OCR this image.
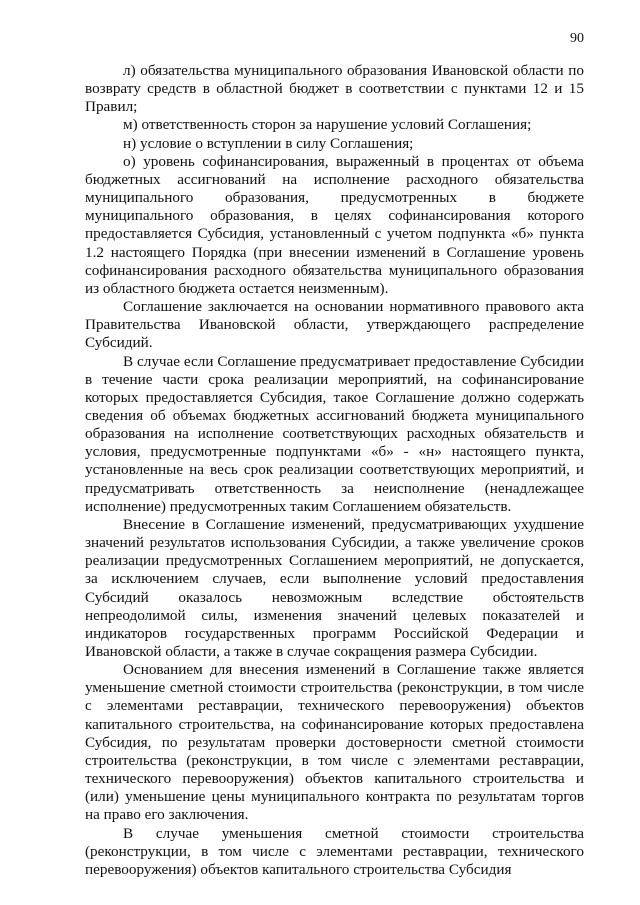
90

л) обязательства муниципального образования Ивановской области по возврату средств в областной бюджет в соответствии с пунктами 12 и 15 Правил;

м) ответственность сторон за нарушение условий Соглашения;

н) условие о вступлении в силу Соглашения;

о) уровень софинансирования, выраженный в процентах от объема бюджетных ассигнований на исполнение расходного обязательства муниципального образования, предусмотренных в бюджете муниципального образования, в целях софинансирования которого предоставляется Субсидия, установленный с учетом подпункта «б» пункта 1.2 настоящего Порядка (при внесении изменений в Соглашение уровень софинансирования расходного обязательства муниципального образования из областного бюджета остается неизменным).

Соглашение заключается на основании нормативного правового акта Правительства Ивановской области, утверждающего распределение Субсидий.

В случае если Соглашение предусматривает предоставление Субсидии в течение части срока реализации мероприятий, на софинансирование которых предоставляется Субсидия, такое Соглашение должно содержать сведения об объемах бюджетных ассигнований бюджета муниципального образования на исполнение соответствующих расходных обязательств и условия, предусмотренные подпунктами «б» - «н» настоящего пункта, установленные на весь срок реализации соответствующих мероприятий, и предусматривать ответственность за неисполнение (ненадлежащее исполнение) предусмотренных таким Соглашением обязательств.

Внесение в Соглашение изменений, предусматривающих ухудшение значений результатов использования Субсидии, а также увеличение сроков реализации предусмотренных Соглашением мероприятий, не допускается, за исключением случаев, если выполнение условий предоставления Субсидий оказалось невозможным вследствие обстоятельств непреодолимой силы, изменения значений целевых показателей и индикаторов государственных программ Российской Федерации и Ивановской области, а также в случае сокращения размера Субсидии.

Основанием для внесения изменений в Соглашение также является уменьшение сметной стоимости строительства (реконструкции, в том числе с элементами реставрации, технического перевооружения) объектов капитального строительства, на софинансирование которых предоставлена Субсидия, по результатам проверки достоверности сметной стоимости строительства (реконструкции, в том числе с элементами реставрации, технического перевооружения) объектов капитального строительства и (или) уменьшение цены муниципального контракта по результатам торгов на право его заключения.

В случае уменьшения сметной стоимости строительства (реконструкции, в том числе с элементами реставрации, технического перевооружения) объектов капитального строительства Субсидия
